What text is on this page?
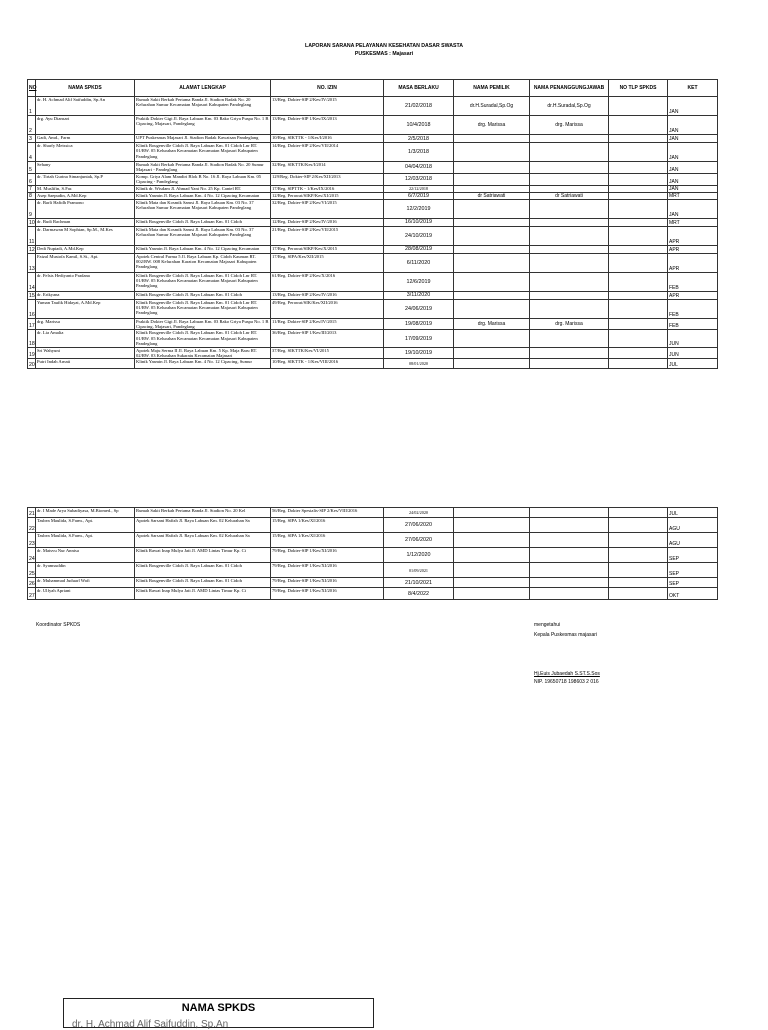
LAPORAN SARANA PELAYANAN KESEHATAN DASAR SWASTA
PUSKESMAS : Majasari
NO	NAMA SPKDS	ALAMAT LENGKAP	NO. IZIN	MASA BERLAKU	NAMA PEMILIK	NAMA PENANGGUNGJAWAB	NO TLP SPKDS	KET
1	dr. H. Achmad Alif Saifuddin, Sp.An	Rumah Sakit Berkah Pertama Banda Jl. Stadion Badak No. 20 Kelurahan Sumur Kecamatan Majasari Kabupaten Pandeglang	13/Reg. Dokter-SIP 2/Kes/IV/2015	21/02/2018	dr.H.Suradal,Sp.Og	dr.H.Suradal,Sp.Og		JAN
2	drg. Ayu Diansari	Praktik Dokter Gigi Jl. Raya Labuan Km. 03 Rako Griya Puspa No. 1 B Cipacing, Majasari, Pandeglang	13/Reg. Dokter-SIP 1/Kes/IX/2013	10/4/2018	drg. Marissa	drg. Marissa		JAN
3	Gadi, Amd., Farm	UPT Puskesmas Majasari Jl. Stadion Badak Kawatsan Pandeglang	10/Reg. SIKTTK - 1/Kes/I/2016	2/5/2018				JAN
4	dr. Sharfy Meissica	Klinik Bougenville Cidoh Jl. Raya Labuan Km. 01 Cidoh Lnr RT. 01/RW. 05 Kelurahan Kecamatan Kecamatan Majasari Kabupaten Pandeglang	14/Reg. Dokter-SIP 2/Kes/VII/2014	1/3/2018				JAN
5	Sehany	Rumah Sakit Berkah Pertama Banda Jl. Stadion Badak No. 20 Sumur Majasari - Pandeglang	32/Reg. SIKTTK/Kes/I/2014	04/04/2018				JAN
6	dr. Tirtah Gurina Simanjuntak, Sp.P	Komp. Griya Alam Mandiri Blok B No. 16 Jl. Raya Labuan Km. 05 Cipacing - Pandeglang	129/Reg. Dokter-SIP 2/Kes/XII/2013	12/03/2018				JAN
7	M. Muslifin, S.Far.	Klinik dr. Wisdam Jl. Ahmad Yani No. 25 Kp. Cantel RT.	17/Reg. SIPTTK - 1/Kes/IX/2016	22/12/2018				JAN
8	Asep Saepudin, A.Md.Kep	Klinik Yasmin Jl. Raya Labuan Km. 4 No. 12 Cipacing Kecamatan	12/Reg. Perawat/SIKP/Kes/XI/2015	6/7/2019	dr Satriawati	dr Satriawati		MRT
9	dr. Barli Hafidh Pramono	Klinik Mata dan Kosmik Samsi Jl. Raya Labuan Km. 03 No. 37 Kelurahan Sumur Kecamatan Majasari Kabupaten Pandeglang	32/Reg. Dokter-SIP 2/Kes/VI/2015	12/2/2019				JAN
10	dr. Budi Rachman	Klinik Bougenville Cidoh Jl. Raya Labuan Km. 01 Cidoh	12/Reg. Dokter-SIP 2/Kes/IV/2016	16/10/2019				MRT
11	dr. Darmawan M Sophian, Sp.M., M.Kes	Klinik Mata dan Kosmik Samsi Jl. Raya Labuan Km. 03 No. 37 Kelurahan Sumur Kecamatan Majasari Kabupaten Pandeglang	21/Reg. Dokter-SIP 2/Kes/VII/2015	24/10/2019				APR
12	Dedi Nupiadi, A.Md.Kep	Klinik Yasmin Jl. Raya Labuan Km. 4 No. 12 Cipacing Kecamatan	17/Reg. Perawat/SIKP/Kes/X/2015	28/08/2019				APR
13	Faizal Mustofa Kamil, S.Si., Apt.	Apotek Central Farma 5 Jl. Raya Labuan Kp. Cidoh Kauman RT. 002/RW. 008 Kelurahan Karaton Kecamatan Majasari Kabupaten Pandeglang	17/Reg. SIPA/Kes/XII/2015	6/11/2020				APR
14	dr. Felsis Hediyanto Pradana	Klinik Bougenville Cidoh Jl. Raya Labuan Km. 01 Cidoh Lnr RT. 01/RW. 05 Kelurahan Kecamatan Kecamatan Majasari Kabupaten Pandeglang	61/Reg. Dokter-SIP 2/Kes/X/2016	12/6/2019				FEB
15	dr. Erikyana	Klinik Bougenville Cidoh Jl. Raya Labuan Km. 01 Cidoh	13/Reg. Dokter-SIP 2/Kes/IV/2016	3/11/2020				APR
16	Yuman Taufik Hidayat, A.Md.Kep	Klinik Bougenville Cidoh Jl. Raya Labuan Km. 01 Cidoh Lnr RT. 01/RW. 05 Kelurahan Kecamatan Kecamatan Majasari Kabupaten Pandeglang	49/Reg. Perawat/SIK/Kes/XII/2016	24/06/2019				FEB
17	drg. Marissa	Praktik Dokter Gigi Jl. Raya Labuan Km. 03 Rako Griya Puspa No. 1 B Cipacing, Majasari, Pandeglang	11/Reg. Dokter-SIP 2/Kes/IV/2015	19/08/2019	drg. Marissa	drg. Marissa		FEB
18	dr. Lia Amalia	Klinik Bougenville Cidoh Jl. Raya Labuan Km. 01 Cidoh Lnr RT. 01/RW. 05 Kelurahan Kecamatan Kecamatan Majasari Kabupaten Pandeglang	36/Reg. Dokter-SIP 1/Kes/III/2013	17/09/2019				JUN
19	Sri Wahyuni	Apotek Maju Serma II Jl. Raya Labuan Km. 5 Kp. Maja Baru RT. 02/RW. 03 Kelurahan Sukaratu Kecamatan Majasari	37/Reg. SIKTTK/Kes/VI/2015	19/10/2019				JUN
20	Putri Indah Arnati	Klinik Yasmin Jl. Raya Labuan Km. 4 No. 12 Cipacing, Sumur	10/Reg. SIKTTK - 1/Kes/VIII/2016	08/01/2020				JUL
21	dr. I Made Arya Subadiyasa, M.Biomed., Sp	Rumah Sakit Berkah Pertama Banda Jl. Stadion No. 20 Kel	56/Reg. Dokter Spesialis-SIP 2/Kes/VIII/2016	24/02/2020				JUL
22	Tasbea Maulida, S.Farm., Apt.	Apotek Sarsani Hafizh Jl. Raya Labuan Km. 02 Kelurahan Sa	15/Reg. SIPA 1/Kes/XI/2016	27/06/2020				AGU
23	Tasbea Maulida, S.Farm., Apt.	Apotek Sarsani Hafizh Jl. Raya Labuan Km. 02 Kelurahan Sa	15/Reg. SIPA 1/Kes/XI/2016	27/06/2020				AGU
24	dr. Maisvu Nur Annisa	Klinik Rawat Inap Mulya Jati Jl. AMD Lintas Timur Kp. Ci	79/Reg. Dokter-SIP 1/Kes/XI/2016	1/12/2020				SEP
25	dr. Syamsuddin	Klinik Bougenville Cidoh Jl. Raya Labuan Km. 01 Cidoh	79/Reg. Dokter-SIP 1/Kes/XI/2016	01/09/2021				SEP
26	dr. Muhammad Juduarl Wafi	Klinik Bougenville Cidoh Jl. Raya Labuan Km. 01 Cidoh	79/Reg. Dokter-SIP 1/Kes/XI/2016	21/10/2021				SEP
27	dr. Ulfyah Apriani	Klinik Rawat Inap Mulya Jati Jl. AMD Lintas Timur Kp. Ci	79/Reg. Dokter-SIP 1/Kes/XI/2016	8/4/2022				OKT
Koordinator SPKDS	mengetahui
Kepala Puskesmas majasari
Hj.Euis Jubaedah S.ST.S.Sos
NIP. 19650718 198603 2 016
NAMA SPKDS
dr. H. Achmad Alif Saifuddin, Sp.An
